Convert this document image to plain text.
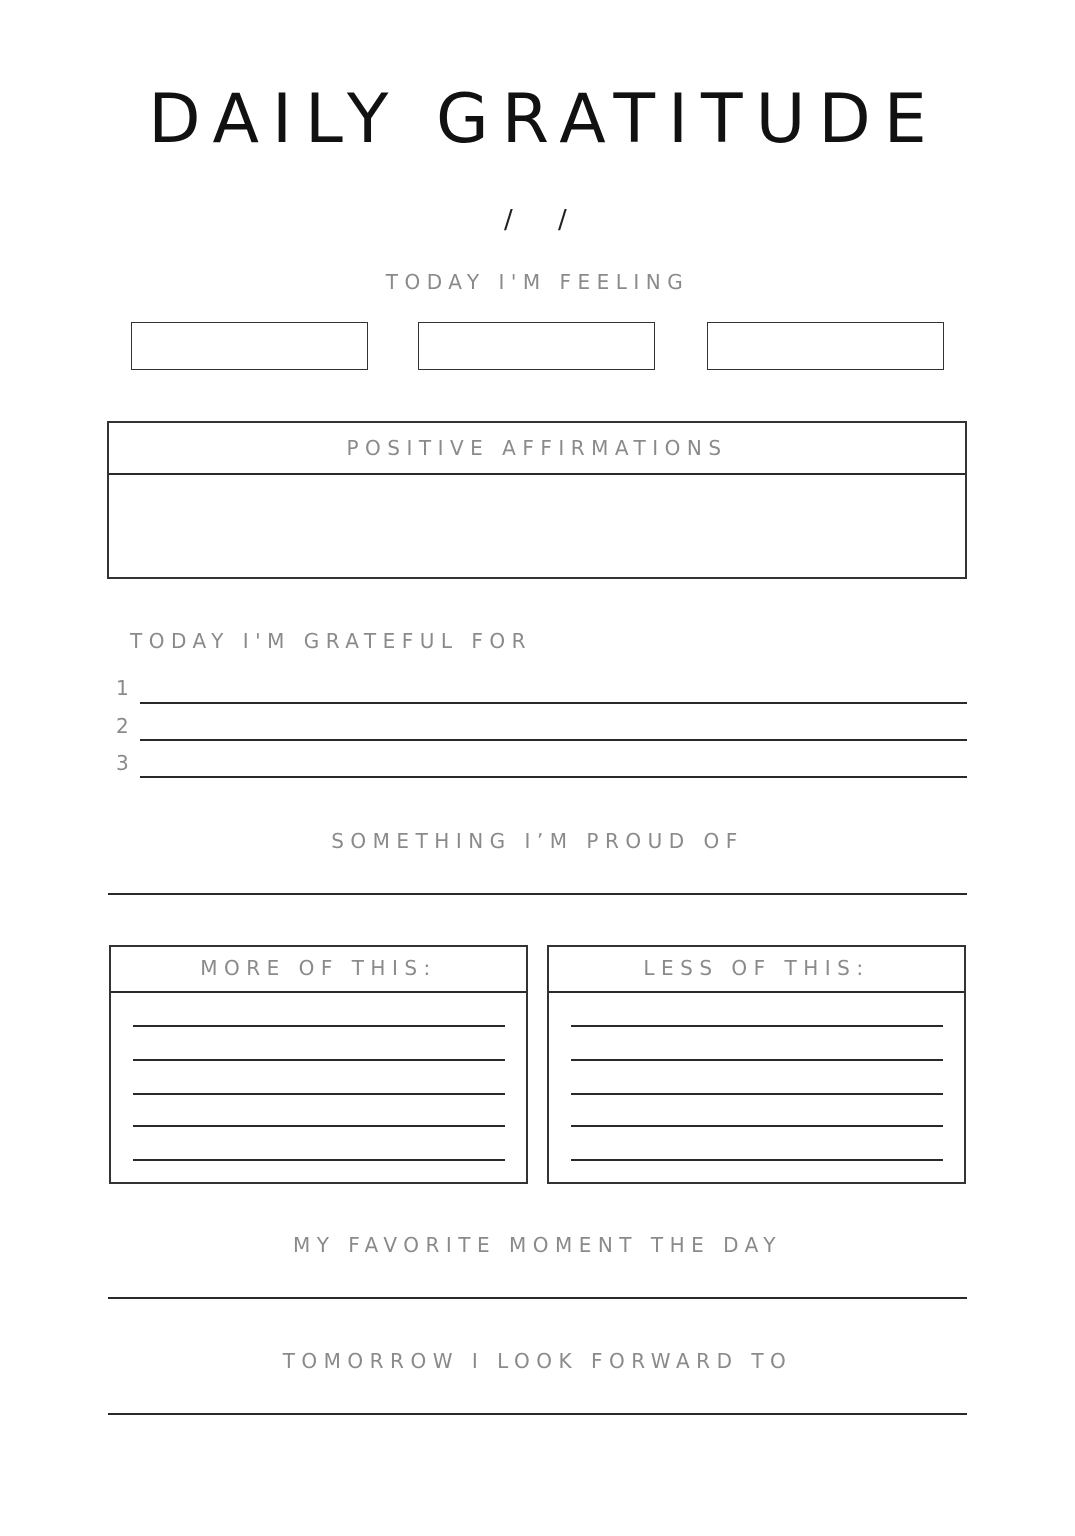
DAILY GRATITUDE
/ /
TODAY I'M FEELING
POSITIVE AFFIRMATIONS
TODAY I'M GRATEFUL FOR
1
2
3
SOMETHING I’M PROUD OF
MORE OF THIS:	LESS OF THIS:
MY FAVORITE MOMENT THE DAY
TOMORROW I LOOK FORWARD TO
